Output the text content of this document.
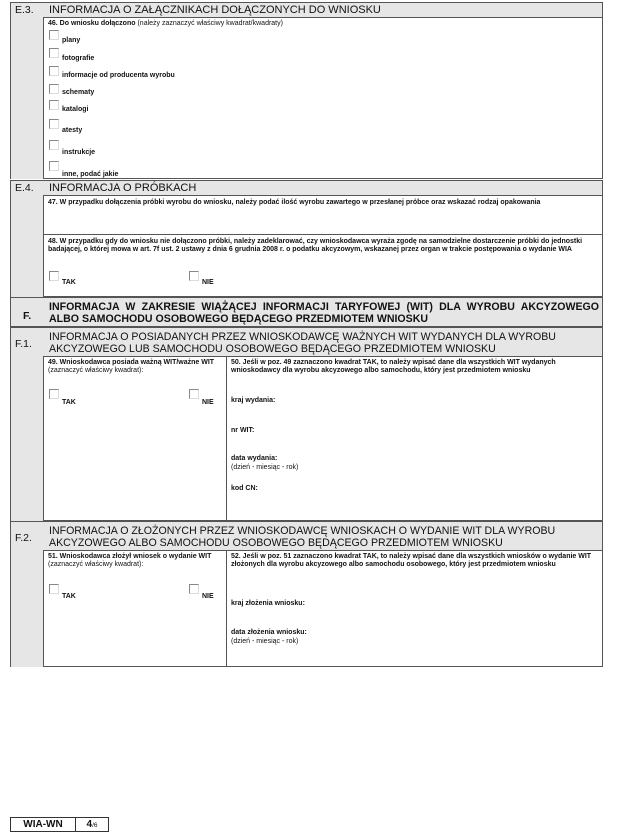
E.3. INFORMACJA O ZAŁĄCZNIKACH DOŁĄCZONYCH DO WNIOSKU
46. Do wniosku dołączono (należy zaznaczyć właściwy kwadrat/kwadraty)
plany
fotografie
informacje od producenta wyrobu
schematy
katalogi
atesty
instrukcje
inne, podać jakie
E.4. INFORMACJA O PRÓBKACH
47. W przypadku dołączenia próbki wyrobu do wniosku, należy podać ilość wyrobu zawartego w przesłanej próbce oraz wskazać rodzaj opakowania
48. W przypadku gdy do wniosku nie dołączono próbki, należy zadeklarować, czy wnioskodawca wyraża zgodę na samodzielne dostarczenie próbki do jednostki badającej, o której mowa w art. 7f ust. 2 ustawy z dnia 6 grudnia 2008 r. o podatku akcyzowym, wskazanej przez organ w trakcie postępowania o wydanie WIA
TAK	NIE
F.
INFORMACJA W ZAKRESIE WIĄŻĄCEJ INFORMACJI TARYFOWEJ (WIT) DLA WYROBU AKCYZOWEGO ALBO SAMOCHODU OSOBOWEGO BĘDĄCEGO PRZEDMIOTEM WNIOSKU
F.1.
INFORMACJA O POSIADANYCH PRZEZ WNIOSKODAWCĘ WAŻNYCH WIT WYDANYCH DLA WYROBU AKCYZOWEGO LUB SAMOCHODU OSOBOWEGO BĘDĄCEGO PRZEDMIOTEM WNIOSKU
49. Wnioskodawca posiada ważną WIT/ważne WIT
(zaznaczyć właściwy kwadrat):
TAK	NIE
50. Jeśli w poz. 49 zaznaczono kwadrat TAK, to należy wpisać dane dla wszystkich WIT wydanych wnioskodawcy dla wyrobu akcyzowego albo samochodu, który jest przedmiotem wniosku
kraj wydania:
nr WIT:
data wydania:
(dzień - miesiąc - rok)
kod CN:
F.2.
INFORMACJA O ZŁOŻONYCH PRZEZ WNIOSKODAWCĘ WNIOSKACH O WYDANIE WIT DLA WYROBU AKCYZOWEGO ALBO SAMOCHODU OSOBOWEGO BĘDĄCEGO PRZEDMIOTEM WNIOSKU
51. Wnioskodawca złożył wniosek o wydanie WIT
(zaznaczyć właściwy kwadrat):
TAK	NIE
52. Jeśli w poz. 51 zaznaczono kwadrat TAK, to należy wpisać dane dla wszystkich wniosków o wydanie WIT złożonych dla wyrobu akcyzowego albo samochodu osobowego, który jest przedmiotem wniosku
kraj złożenia wniosku:
data złożenia wniosku:
(dzień - miesiąc - rok)
WIA-WN	4/6
